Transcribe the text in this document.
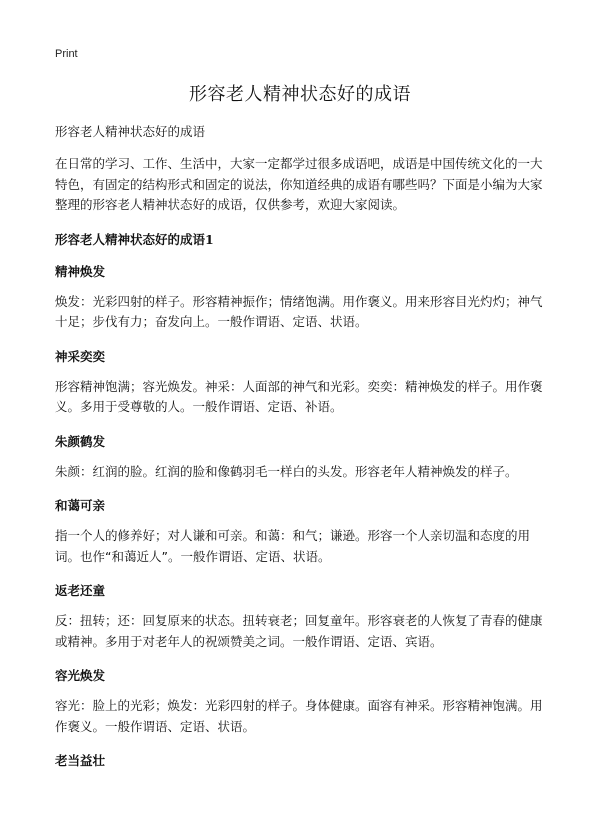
Print
形容老人精神状态好的成语

形容老人精神状态好的成语

在日常的学习、工作、生活中，大家一定都学过很多成语吧，成语是中国传统文化的一大特色，有固定的结构形式和固定的说法，你知道经典的成语有哪些吗？下面是小编为大家整理的形容老人精神状态好的成语，仅供参考，欢迎大家阅读。

形容老人精神状态好的成语1

精神焕发

焕发：光彩四射的样子。形容精神振作；情绪饱满。用作褒义。用来形容目光灼灼；神气十足；步伐有力；奋发向上。一般作谓语、定语、状语。

神采奕奕

形容精神饱满；容光焕发。神采：人面部的神气和光彩。奕奕：精神焕发的样子。用作褒义。多用于受尊敬的人。一般作谓语、定语、补语。

朱颜鹤发

朱颜：红润的脸。红润的脸和像鹤羽毛一样白的头发。形容老年人精神焕发的样子。

和蔼可亲

指一个人的修养好；对人谦和可亲。和蔼：和气；谦逊。形容一个人亲切温和态度的用词。也作“和蔼近人”。一般作谓语、定语、状语。

返老还童

反：扭转；还：回复原来的状态。扭转衰老；回复童年。形容衰老的人恢复了青春的健康或精神。多用于对老年人的祝颂赞美之词。一般作谓语、定语、宾语。

容光焕发

容光：脸上的光彩；焕发：光彩四射的样子。身体健康。面容有神采。形容精神饱满。用作褒义。一般作谓语、定语、状语。

老当益壮
